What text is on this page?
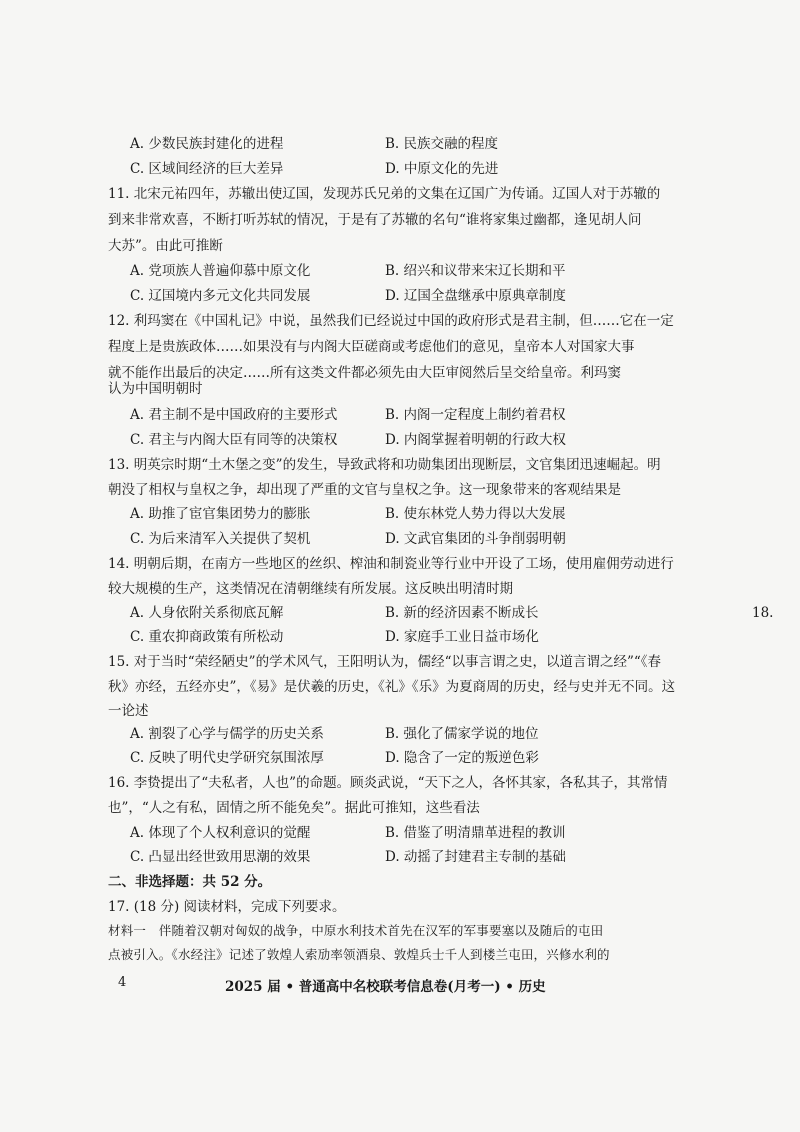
A. 少数民族封建化的进程	B. 民族交融的程度
C. 区域间经济的巨大差异	D. 中原文化的先进
11. 北宋元祐四年，苏辙出使辽国，发现苏氏兄弟的文集在辽国广为传诵。辽国人对于苏辙的
到来非常欢喜，不断打听苏轼的情况，于是有了苏辙的名句“谁将家集过幽都，逢见胡人问
大苏”。由此可推断
A. 党项族人普遍仰慕中原文化	B. 绍兴和议带来宋辽长期和平
C. 辽国境内多元文化共同发展	D. 辽国全盘继承中原典章制度
12. 利玛窦在《中国札记》中说，虽然我们已经说过中国的政府形式是君主制，但……它在一定
程度上是贵族政体……如果没有与内阁大臣磋商或考虑他们的意见，皇帝本人对国家大事
就不能作出最后的决定……所有这类文件都必须先由大臣审阅然后呈交给皇帝。利玛窦
认为中国明朝时
A. 君主制不是中国政府的主要形式	B. 内阁一定程度上制约着君权
C. 君主与内阁大臣有同等的决策权	D. 内阁掌握着明朝的行政大权
13. 明英宗时期“土木堡之变”的发生，导致武将和功勋集团出现断层，文官集团迅速崛起。明
朝没了相权与皇权之争，却出现了严重的文官与皇权之争。这一现象带来的客观结果是
A. 助推了宦官集团势力的膨胀	B. 使东林党人势力得以大发展
C. 为后来清军入关提供了契机	D. 文武官集团的斗争削弱明朝
14. 明朝后期，在南方一些地区的丝织、榨油和制瓷业等行业中开设了工场，使用雇佣劳动进行
较大规模的生产，这类情况在清朝继续有所发展。这反映出明清时期
A. 人身依附关系彻底瓦解	B. 新的经济因素不断成长
C. 重农抑商政策有所松动	D. 家庭手工业日益市场化
15. 对于当时“荣经陋史”的学术风气，王阳明认为，儒经“以事言谓之史，以道言谓之经”“《春
秋》亦经，五经亦史”，《易》是伏羲的历史，《礼》《乐》为夏商周的历史，经与史并无不同。这
一论述
A. 割裂了心学与儒学的历史关系	B. 强化了儒家学说的地位
C. 反映了明代史学研究氛围浓厚	D. 隐含了一定的叛逆色彩
16. 李贽提出了“夫私者，人也”的命题。顾炎武说，“天下之人，各怀其家，各私其子，其常情
也”，“人之有私，固情之所不能免矣”。据此可推知，这些看法
A. 体现了个人权利意识的觉醒	B. 借鉴了明清鼎革进程的教训
C. 凸显出经世致用思潮的效果	D. 动摇了封建君主专制的基础
二、非选择题：共 52 分。
17. (18 分) 阅读材料，完成下列要求。
材料一　伴随着汉朝对匈奴的战争，中原水利技术首先在汉军的军事要塞以及随后的屯田
点被引入。《水经注》记述了敦煌人索劢率领酒泉、敦煌兵士千人到楼兰屯田，兴修水利的
18.
4	2025 届 • 普通高中名校联考信息卷(月考一) • 历史
